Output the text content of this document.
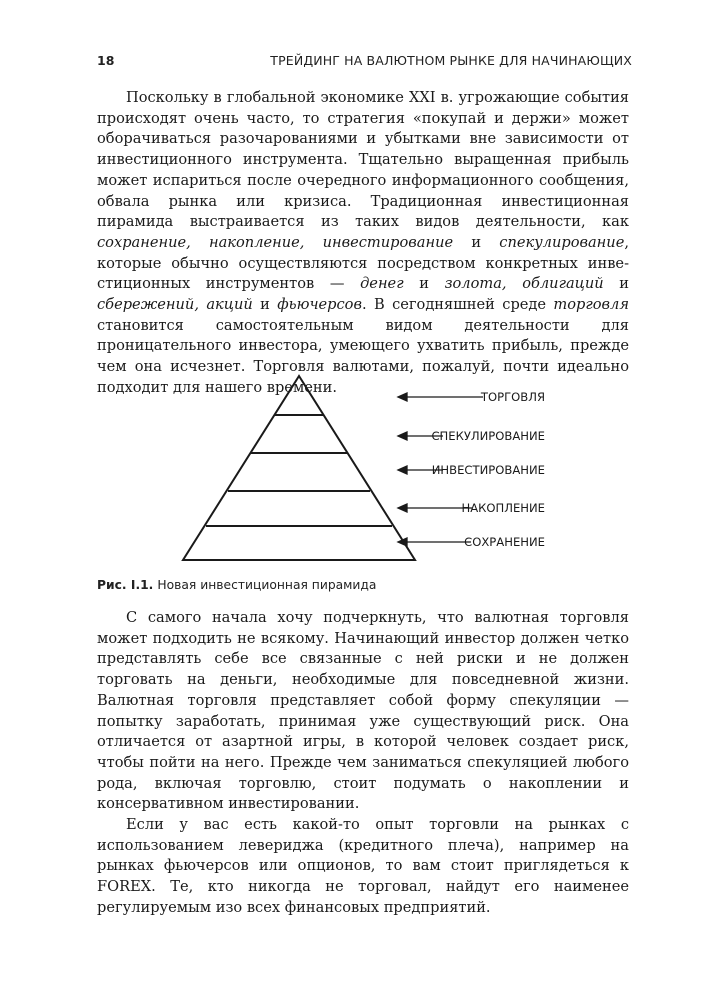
18	ТРЕЙДИНГ НА ВАЛЮТНОМ РЫНКЕ ДЛЯ НАЧИНАЮЩИХ

Поскольку в глобальной экономике XXI в. угрожающие события происходят очень часто, то стратегия «покупай и держи» может оборачиваться разочарованиями и убытками вне зависимости от инвестиционного инструмента. Тщательно выращенная прибыль может испариться после очередного информационного сообщения, обвала рынка или кризиса. Традиционная инвестиционная пирамида выстраивается из таких видов деятельности, как сохранение, накопление, инвестирование и спекулирование, которые обычно осуществляются посредством конкретных инвестиционных инструментов — денег и золота, облигаций и сбережений, акций и фьючерсов. В сегодняшней среде торговля становится самостоятельным видом деятельности для проницательного инвестора, умеющего ухватить прибыль, прежде чем она исчезнет. Торговля валютами, пожалуй, почти идеально подходит для нашего времени.

ТОРГОВЛЯ
СПЕКУЛИРОВАНИЕ
ИНВЕСТИРОВАНИЕ
НАКОПЛЕНИЕ
СОХРАНЕНИЕ
Рис. I.1. Новая инвестиционная пирамида

С самого начала хочу подчеркнуть, что валютная торговля может подходить не всякому. Начинающий инвестор должен четко представлять себе все связанные с ней риски и не должен торговать на деньги, необходимые для повседневной жизни. Валютная торговля представляет собой форму спекуляции — попытку заработать, принимая уже существующий риск. Она отличается от азартной игры, в которой человек создает риск, чтобы пойти на него. Прежде чем заниматься спекуляцией любого рода, включая торговлю, стоит подумать о накоплении и консервативном инвестировании.

Если у вас есть какой-то опыт торговли на рынках с использованием левериджа (кредитного плеча), например на рынках фьючерсов или опционов, то вам стоит приглядеться к FOREX. Те, кто никогда не торговал, найдут его наименее регулируемым изо всех финансовых предприятий.
